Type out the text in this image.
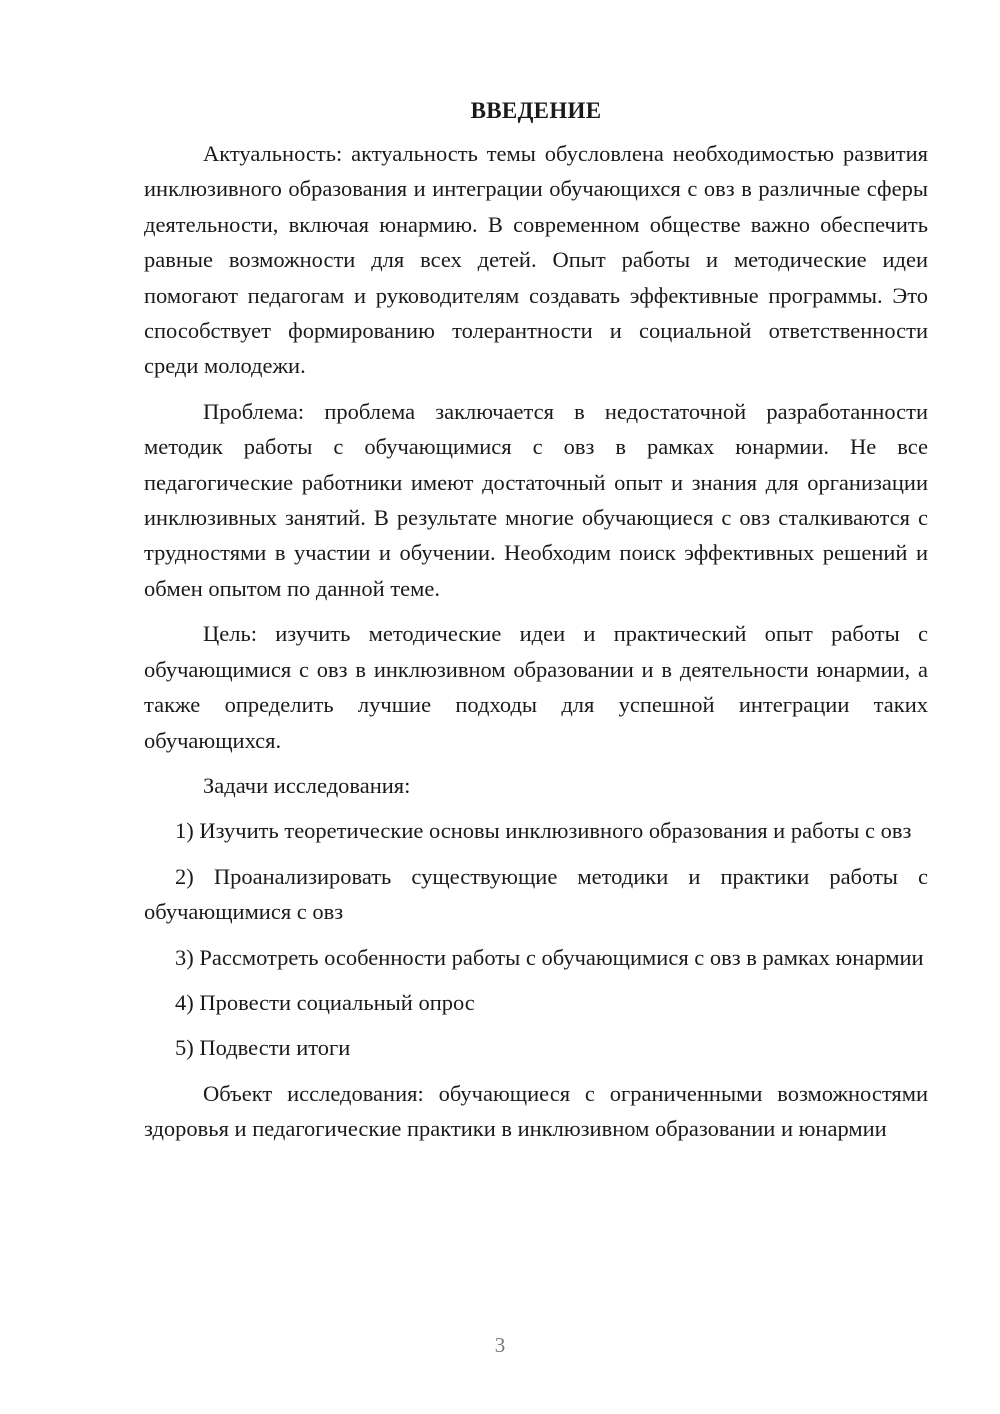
ВВЕДЕНИЕ

Актуальность: актуальность темы обусловлена необходимостью развития инклюзивного образования и интеграции обучающихся с овз в различные сферы деятельности, включая юнармию. В современном обществе важно обеспечить равные возможности для всех детей. Опыт работы и методические идеи помогают педагогам и руководителям создавать эффективные программы. Это способствует формированию толерантности и социальной ответственности среди молодежи.

Проблема: проблема заключается в недостаточной разработанности методик работы с обучающимися с овз в рамках юнармии. Не все педагогические работники имеют достаточный опыт и знания для организации инклюзивных занятий. В результате многие обучающиеся с овз сталкиваются с трудностями в участии и обучении. Необходим поиск эффективных решений и обмен опытом по данной теме.

Цель: изучить методические идеи и практический опыт работы с обучающимися с овз в инклюзивном образовании и в деятельности юнармии, а также определить лучшие подходы для успешной интеграции таких обучающихся.

Задачи исследования:

1) Изучить теоретические основы инклюзивного образования и работы с овз

2) Проанализировать существующие методики и практики работы с обучающимися с овз

3) Рассмотреть особенности работы с обучающимися с овз в рамках юнармии

4) Провести социальный опрос

5) Подвести итоги

Объект исследования: обучающиеся с ограниченными возможностями здоровья и педагогические практики в инклюзивном образовании и юнармии

3
